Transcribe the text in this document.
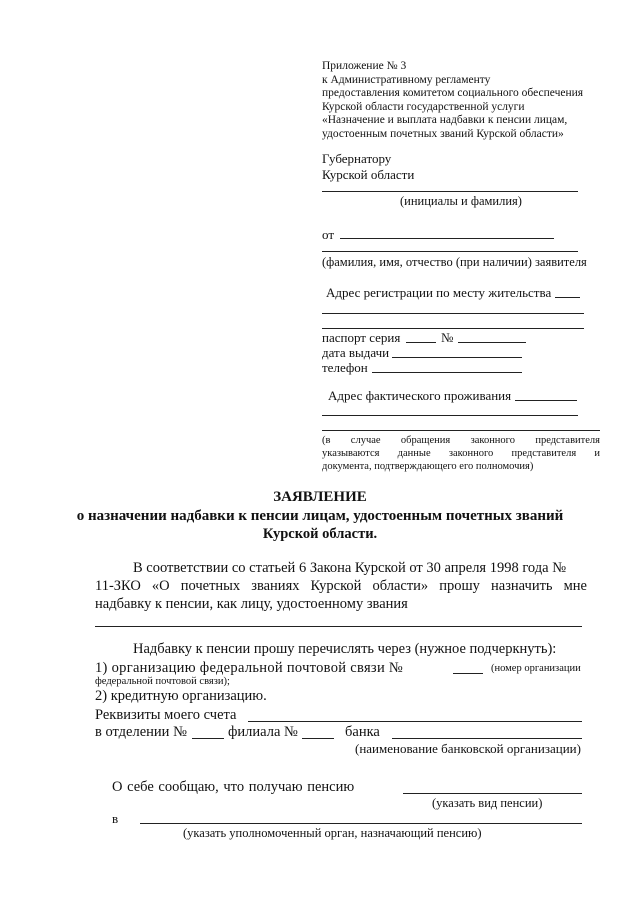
Приложение № 3
к Административному регламенту
предоставления комитетом социального обеспечения
Курской области государственной услуги
«Назначение и выплата надбавки к пенсии лицам,
удостоенным почетных званий Курской области»
Губернатору
Курской области
(инициалы и фамилия)
от
(фамилия, имя, отчество (при наличии) заявителя
Адрес регистрации по месту жительства
паспорт серия	№
дата выдачи
телефон
Адрес фактического проживания
(в случае обращения законного представителя
указываются данные законного представителя и
документа, подтверждающего его полномочия)
ЗАЯВЛЕНИЕ
о назначении надбавки к пенсии лицам, удостоенным почетных званий
Курской области.
В соответствии со статьей 6 Закона Курской от 30 апреля 1998 года №
11-ЗКО «О почетных званиях Курской области» прошу назначить мне
надбавку к пенсии, как лицу, удостоенному звания
Надбавку к пенсии прошу перечислять через (нужное подчеркнуть):
1) организацию федеральной почтовой связи №	(номер организации
федеральной почтовой связи);
2) кредитную организацию.
Реквизиты моего счета
в отделении №	филиала №	банка
(наименование банковской организации)
О себе сообщаю, что получаю пенсию
(указать вид пенсии)
в
(указать уполномоченный орган, назначающий пенсию)
